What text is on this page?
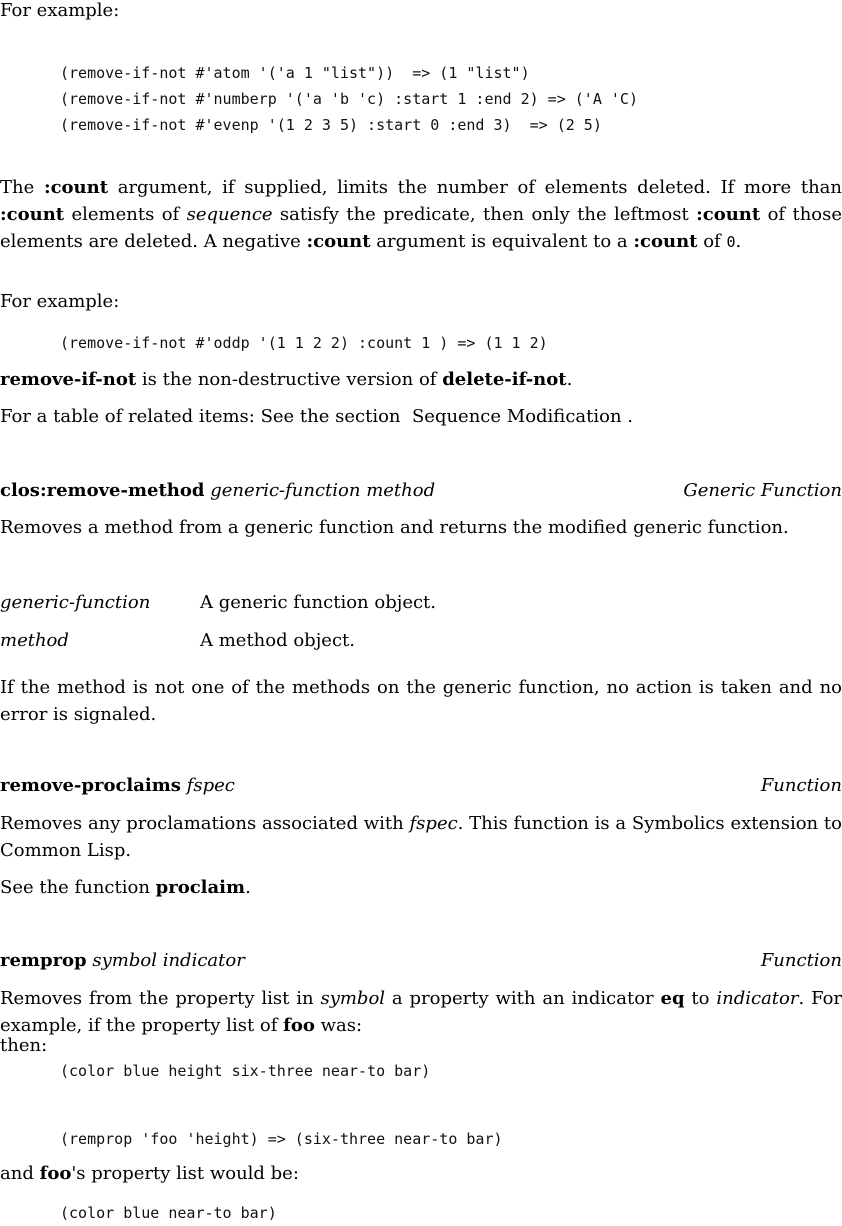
For example:
(remove-if-not #'atom '('a 1 "list"))  => (1 "list")
(remove-if-not #'numberp '('a 'b 'c) :start 1 :end 2) => ('A 'C)
(remove-if-not #'evenp '(1 2 3 5) :start 0 :end 3)  => (2 5)
The :count argument, if supplied, limits the number of elements deleted. If more than :count elements of sequence satisfy the predicate, then only the leftmost :count of those elements are deleted. A negative :count argument is equivalent to a :count of 0.
For example:
(remove-if-not #'oddp '(1 1 2 2) :count 1 ) => (1 1 2)
remove-if-not is the non-destructive version of delete-if-not.
For a table of related items: See the section  Sequence Modification .
clos:remove-method generic-function method	Generic Function
Removes a method from a generic function and returns the modified generic function.
generic-function	A generic function object.
method	A method object.
If the method is not one of the methods on the generic function, no action is taken and no error is signaled.
remove-proclaims fspec	Function
Removes any proclamations associated with fspec. This function is a Symbolics extension to Common Lisp.
See the function proclaim.
remprop symbol indicator	Function
Removes from the property list in symbol a property with an indicator eq to indicator. For example, if the property list of foo was:
(color blue height six-three near-to bar)
then:
(remprop 'foo 'height) => (six-three near-to bar)
and foo's property list would be:
(color blue near-to bar)
